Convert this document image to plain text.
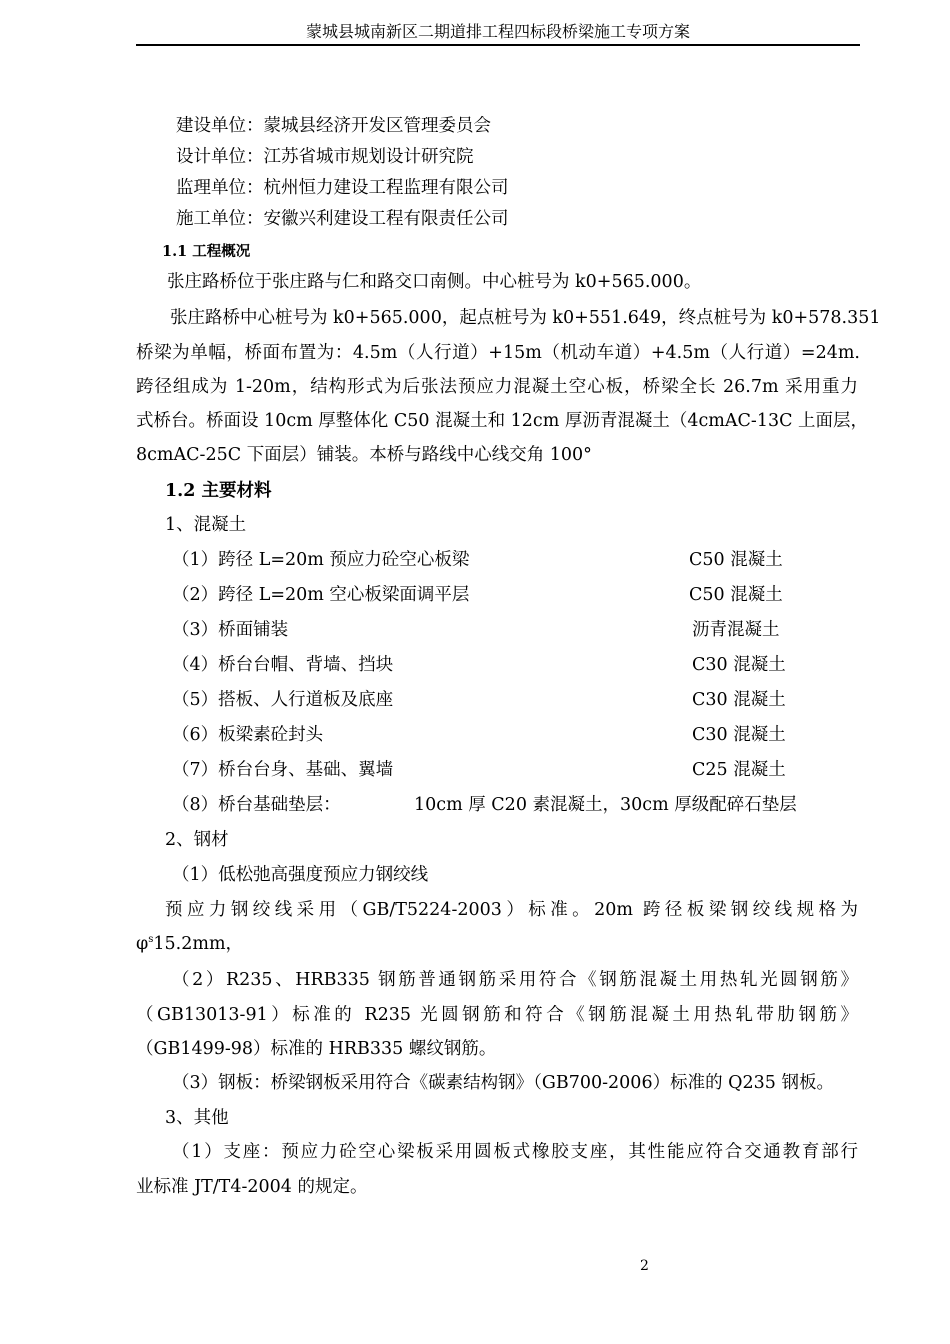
蒙城县城南新区二期道排工程四标段桥梁施工专项方案
建设单位：蒙城县经济开发区管理委员会
设计单位：江苏省城市规划设计研究院
监理单位：杭州恒力建设工程监理有限公司
施工单位：安徽兴利建设工程有限责任公司
1.1 工程概况
张庄路桥位于张庄路与仁和路交口南侧。中心桩号为 k0+565.000。
张庄路桥中心桩号为 k0+565.000，起点桩号为 k0+551.649，终点桩号为 k0+578.351
桥梁为单幅，桥面布置为：4.5m（人行道）+15m（机动车道）+4.5m（人行道）=24m.
跨径组成为 1-20m，结构形式为后张法预应力混凝土空心板，桥梁全长 26.7m 采用重力
式桥台。桥面设 10cm 厚整体化 C50 混凝土和 12cm 厚沥青混凝土（4cmAC-13C 上面层，
8cmAC-25C 下面层）铺装。本桥与路线中心线交角 100°
1.2 主要材料
1、混凝土
（1）跨径 L=20m 预应力砼空心板梁	C50 混凝土
（2）跨径 L=20m 空心板梁面调平层	C50 混凝土
（3）桥面铺装	沥青混凝土
（4）桥台台帽、背墙、挡块	C30 混凝土
（5）搭板、人行道板及底座	C30 混凝土
（6）板梁素砼封头	C30 混凝土
（7）桥台台身、基础、翼墙	C25 混凝土
（8）桥台基础垫层：	10cm 厚 C20 素混凝土，30cm 厚级配碎石垫层
2、钢材
（1）低松弛高强度预应力钢绞线
预应力钢绞线采用（GB/T5224-2003）标准。20m 跨径板梁钢绞线规格为
$\varphi^s15.2mm$，
（2）R235、HRB335 钢筋普通钢筋采用符合《钢筋混凝土用热轧光圆钢筋》
（GB13013-91）标准的 R235 光圆钢筋和符合《钢筋混凝土用热轧带肋钢筋》
（GB1499-98）标准的 HRB335 螺纹钢筋。
（3）钢板：桥梁钢板采用符合《碳素结构钢》（GB700-2006）标准的 Q235 钢板。
3、其他
（1）支座：预应力砼空心梁板采用圆板式橡胶支座，其性能应符合交通教育部行
业标准 JT/T4-2004 的规定。
2
